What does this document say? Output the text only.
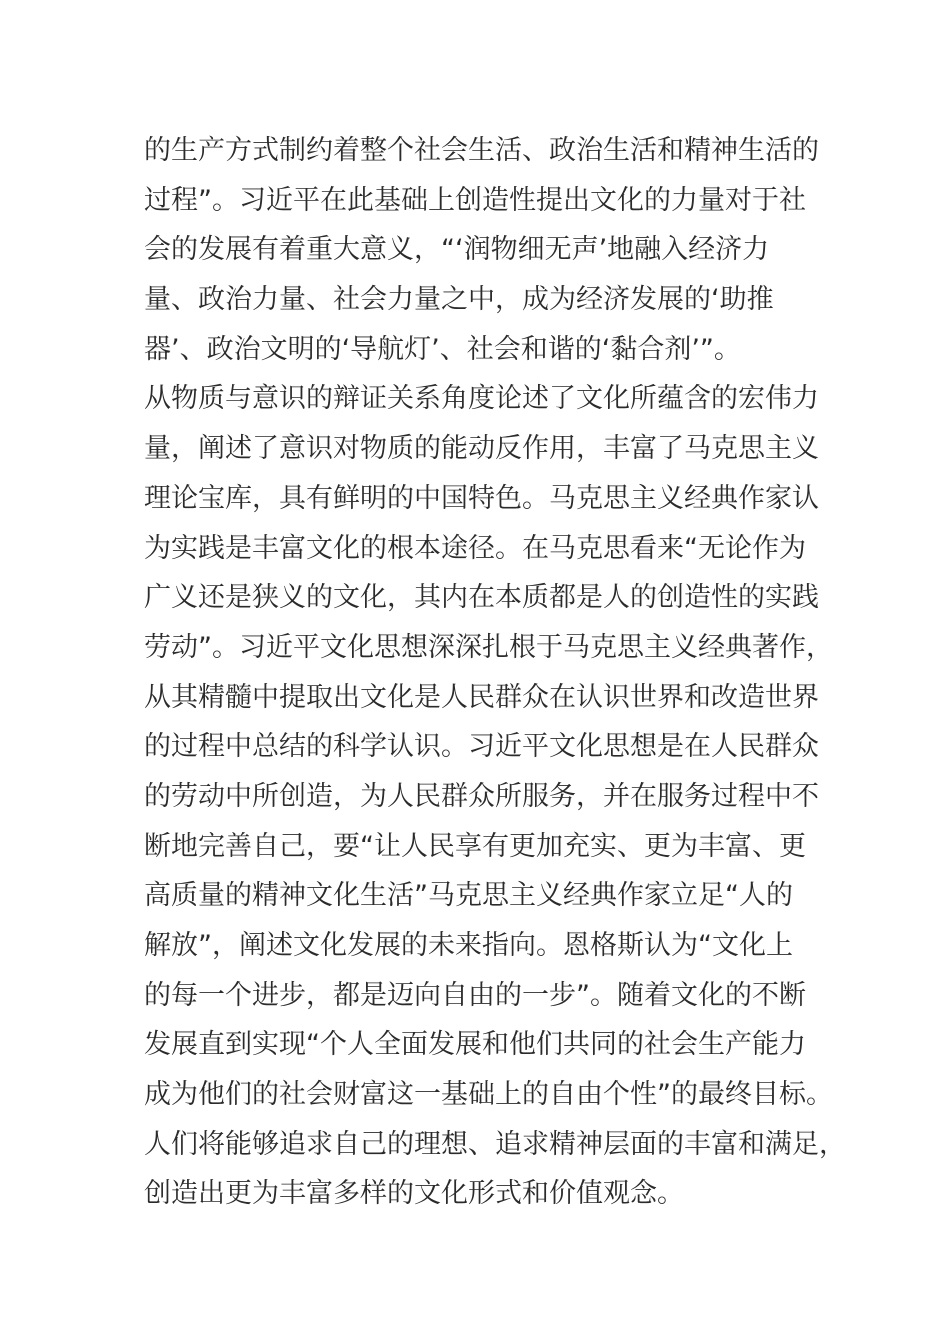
的生产方式制约着整个社会生活、政治生活和精神生活的
过程”。习近平在此基础上创造性提出文化的力量对于社
会的发展有着重大意义，“‘润物细无声’地融入经济力
量、政治力量、社会力量之中，成为经济发展的‘助推
器’、政治文明的‘导航灯’、社会和谐的‘黏合剂’”。
从物质与意识的辩证关系角度论述了文化所蕴含的宏伟力
量，阐述了意识对物质的能动反作用，丰富了马克思主义
理论宝库，具有鲜明的中国特色。马克思主义经典作家认
为实践是丰富文化的根本途径。在马克思看来“无论作为
广义还是狭义的文化，其内在本质都是人的创造性的实践
劳动”。习近平文化思想深深扎根于马克思主义经典著作，
从其精髓中提取出文化是人民群众在认识世界和改造世界
的过程中总结的科学认识。习近平文化思想是在人民群众
的劳动中所创造，为人民群众所服务，并在服务过程中不
断地完善自己，要“让人民享有更加充实、更为丰富、更
高质量的精神文化生活”马克思主义经典作家立足“人的
解放”，阐述文化发展的未来指向。恩格斯认为“文化上
的每一个进步，都是迈向自由的一步”。随着文化的不断
发展直到实现“个人全面发展和他们共同的社会生产能力
成为他们的社会财富这一基础上的自由个性”的最终目标。
人们将能够追求自己的理想、追求精神层面的丰富和满足，
创造出更为丰富多样的文化形式和价值观念。
